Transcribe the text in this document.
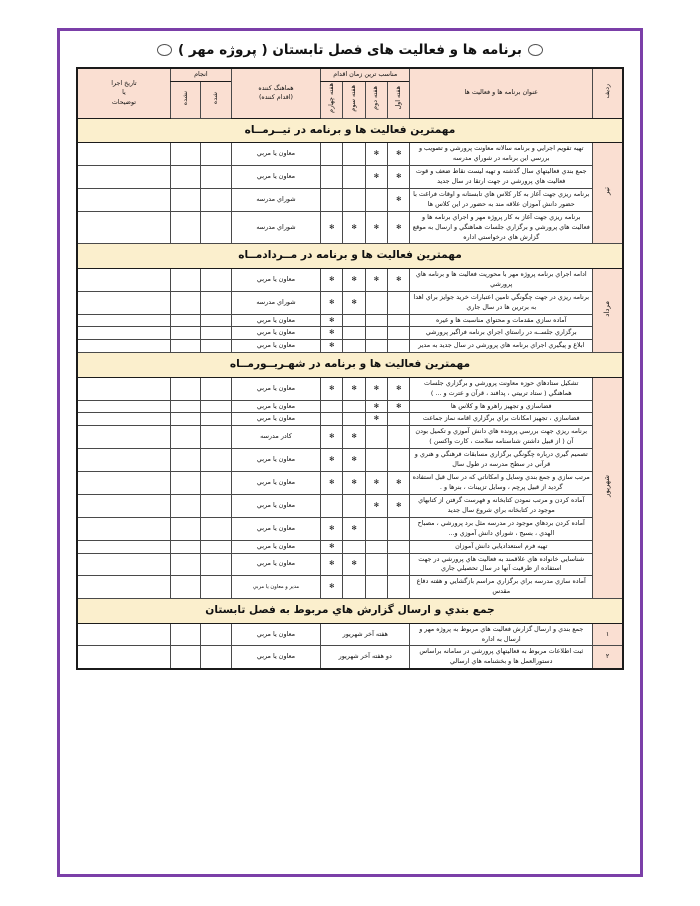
برنامه ها و فعاليت های فصل تابستان ( پروژه مهر )
رديف	عنوان برنامه ها و فعاليت ها	مناسب ترين زمان اقدام	
هماهنگ كننده
(اقدام كننده)
	انجام	
تاريخ اجرا
يا
توضيحات

		هفته اول	هفته دوم	هفته سوم	هفته چهارم		شده	نشده	
مهمترين فعاليت ها و برنامه در تيــرمــاه									
تير	تهيه تقويم اجرايي و برنامه سالانه معاونت پرورشي و تصويب و بررسي اين برنامه در شوراي مدرسه	✻	✻			معاون يا مربي			
	جمع بندي فعاليتهاي سال گذشته و تهيه ليست نقاط ضعف و قوت فعاليت هاي پرورشي در جهت ارتقا در سال جديد	✻	✻			معاون يا مربي			
	برنامه ريزي جهت آغاز به كار كلاس هاي تابستانه و اوقات فراغت با حضور دانش آموزان علاقه مند به حضور در اين كلاس ها	✻				شوراي مدرسه			
	برنامه ريزي جهت آغاز به كار پروژه مهر و اجراي برنامه ها و فعاليت هاي پرورشي و برگزاري جلسات هماهنگي و ارسال به موقع گزارش هاي درخواستي اداره	✻	✻	✻	✻	شوراي مدرسه			
مهمترين فعاليت ها و برنامه در مــردادمــاه									
مرداد	ادامه اجراي برنامه پروژه مهر با محوريت فعاليت ها و برنامه هاي پرورشي	✻	✻	✻	✻	معاون يا مربي			
	برنامه ريزي در جهت چگونگي تامين اعتبارات خريد جوايز براي اهدا به برترين ها در سال جاري			✻	✻	شوراي مدرسه			
	آماده سازي مقدمات و محتواي مناسبت ها و غيره				✻	معاون يا مربي			
	برگزاري جلســه در راستاي اجراي برنامه فراگير پرورشي				✻	معاون يا مربي			
	ابلاغ و پيگيري اجراي برنامه هاي پرورشي در سال جديد به مدير				✻	معاون يا مربي			
مهمترين فعاليت ها و برنامه در شهـريــورمــاه									
شهريور	تشكيل ستادهاي حوزه معاونت پرورشي و برگزاري جلسات هماهنگي ( ستاد تربيتي ، پدافند ، قرآن و عترت و ... )	✻	✻	✻	✻	معاون يا مربي			
	فضاسازي و تجهيز راهرو ها و كلاس ها	✻	✻			معاون يا مربي			
	فضاسازي ، تجهيز امكانات براي برگزاري اقامه نماز جماعت		✻			معاون يا مربي			
	برنامه ريزي جهت بررسي پرونده هاي دانش آموزي و تكميل بودن آن ( از قبيل داشتن شناسنامه سلامت ، كارت واكسن )			✻	✻	كادر مدرسه			
	تصميم گيري درباره چگونگي برگزاري مسابقات فرهنگي و هنري و قرآني در سطح مدرسه در طول سال			✻	✻	معاون يا مربي			
	مرتب سازي و جمع بندي وسايل و امكاناتي كه در سال قبل استفاده گرديد از قبيل پرچم ، وسايل تزيينات ، بنرها و .	✻	✻	✻	✻	معاون يا مربي			
	آماده كردن و مرتب نمودن كتابخانه و فهرست گرفتن از كتابهاي موجود در كتابخانه براي شروع سال جديد	✻	✻			معاون يا مربي			
	آماده كردن بردهاي موجود در مدرسه مثل برد پرورشي ، مصباح الهدي ، بسيج ، شوراي دانش آموزي و...			✻	✻	معاون يا مربي			
	تهيه فرم استعداديابي دانش آموزان				✻	معاون يا مربي			
	شناسايي خانواده هاي علاقمند به فعاليت هاي پرورشي در جهت استفاده از ظرفيت آنها در سال تحصيلي جاري			✻	✻	معاون يا مربي			
	آماده سازي مدرسه براي برگزاري مراسم بازگشايي و هفته دفاع مقدس				✻	مدير و معاون يا مربي			
جمع بندي و ارسال گزارش هاي مربوط به فصل تابستان									
١	جمع بندي و ارسال گزارش فعاليت هاي مربوط به پروژه مهر و ارسال به اداره	هفته آخر شهريور				معاون يا مربي			
٢	ثبت اطلاعات مربوط به فعاليتهاي پرورشي در سامانه براساس دستورالعمل ها و بخشنامه هاي ارسالي	دو هفته آخر شهريور				معاون يا مربي			
